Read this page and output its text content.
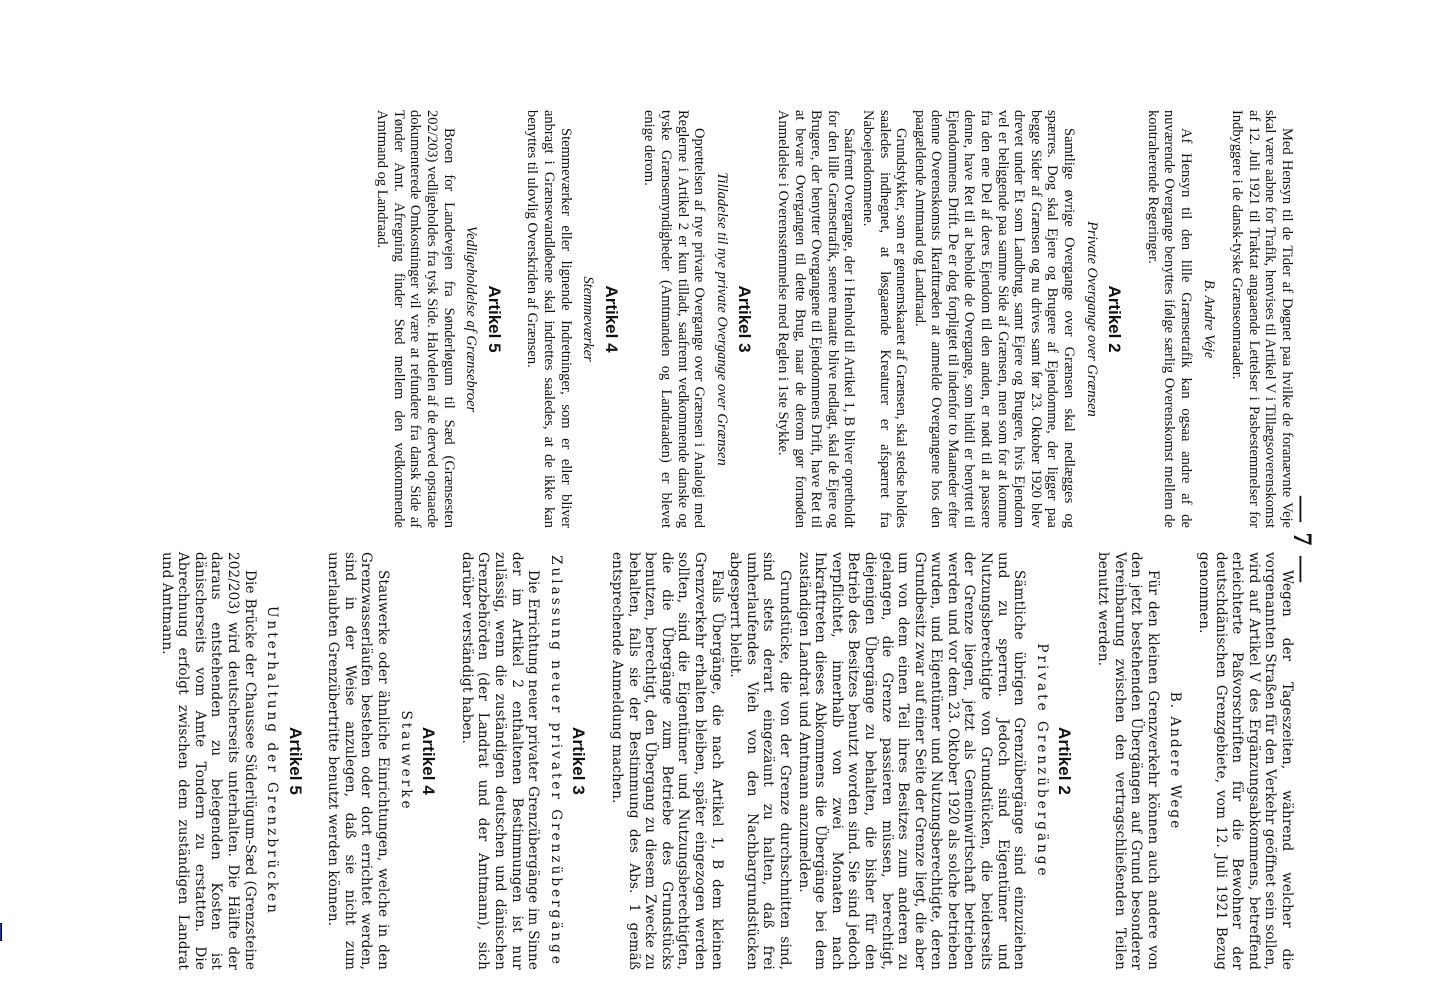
— 7 —

Med Hensyn til de Tider af Døgnet paa hvilke de foranævnte Veje skal være aabne for Trafik, henvises til Artikel V i Tillægsoverenskomst af 12. Juli 1921 til Traktat angaaende Lettelser i Pasbestemmelser for Indbyggere i de dansk-tyske Grænseomraader.

B. Andre Veje

Af Hensyn til den lille Grænsetrafik kan ogsaa andre af de nuværende Overgange benyttes ifølge særlig Overenskomst mellem de kontraherende Regeringer.

Artikel 2
Private Overgange over Grænsen

Samtlige øvrige Overgange over Grænsen skal nedlægges og spærres. Dog skal Ejere og Brugere af Ejendomme, der ligger paa begge Sider af Grænsen og nu drives samt før 23. Oktober 1920 blev drevet under Et som Landbrug, samt Ejere og Brugere, hvis Ejendom vel er beliggende paa samme Side af Grænsen, men som for at komme fra den ene Del af deres Ejendom til den anden, er nødt til at passere denne, have Ret til at beholde de Overgange, som hidtil er benyttet til Ejendommens Drift. De er dog forpligtet til indenfor to Maaneder efter denne Overenskomsts Ikrafttræden at anmelde Overgangene hos den paagældende Amtmand og Landraad.

Grundstykker, som er gennemskaaret af Grænsen, skal stedse holdes saaledes indhegnet, at løsgaaende Kreaturer er afspærret fra Naboejendommene.

Saafremt Overgange, der i Henhold til Artikel 1, B bliver opretholdt for den lille Grænsetrafik, senere maatte blive nedlagt, skal de Ejere og Brugere, der benytter Overgangene til Ejendommens Drift, have Ret til at bevare Overgangen til dette Brug, naar de derom gør fornøden Anmeldelse i Overensstemmelse med Reglen i 1ste Stykke.

Artikel 3
Tilladelse til nye private Overgange over Grænsen

Oprettelsen af nye private Overgange over Grænsen i Analogi med Reglerne i Artikel 2 er kun tilladt, saafremt vedkommende danske og tyske Grænsemyndigheder (Amtmanden og Landraaden) er blevet enige derom.

Artikel 4
Stemmeværker

Stemmeværker eller lignende Indretninger, som er eller bliver anbragt i Grænsevandløbene skal indrettes saaledes, at de ikke kan benyttes til ulovlig Overskriden af Grænsen.

Artikel 5
Vedligeholdelse af Grænsebroer

Broen for Landevejen fra Sønderløgum til Sæd (Grænsesten 202/203) vedligeholdes fra tysk Side. Halvdelen af de derved opstaaede dokumenterede Omkostninger vil være at refundere fra dansk Side af Tønder Amt. Afregning finder Sted mellem den vedkommende Amtmand og Landraad.

Wegen der Tageszeiten, während welcher die vorgenannten Straßen für den Verkehr geöffnet sein sollen, wird auf Artikel V des Ergänzungsabkommens, betreffend erleichterte Paßvorschriften für die Bewohner der deutschdänischen Grenzgebiete, vom 12. Juli 1921 Bezug genommen.

B. Andere Wege

Für den kleinen Grenzverkehr können auch andere von den jetzt bestehenden Übergängen auf Grund besonderer Vereinbarung zwischen den vertragschließenden Teilen benutzt werden.

Artikel 2
Private Grenzübergänge

Sämtliche übrigen Grenzübergänge sind einzuziehen und zu sperren. Jedoch sind Eigentümer und Nutzungsberechtigte von Grundstücken, die beiderseits der Grenze liegen, jetzt als Gemeinwirtschaft betrieben werden und vor dem 23. Oktober 1920 als solche betrieben wurden, und Eigentümer und Nutzungsberechtigte, deren Grundbesitz zwar auf einer Seite der Grenze liegt, die aber um von dem einen Teil ihres Besitzes zum anderen zu gelangen, die Grenze passieren müssen, berechtigt, diejenigen Übergänge zu behalten, die bisher für den Betrieb des Besitzes benutzt worden sind. Sie sind jedoch verpflichtet, innerhalb von zwei Monaten nach Inkrafttreten dieses Abkommens die Übergänge bei dem zuständigen Landrat und Amtmann anzumelden.

Grundstücke, die von der Grenze durchschnitten sind, sind stets derart eingezäunt zu halten, daß frei umherlaufendes Vieh von den Nachbargrundstücken abgesperrt bleibt.

Falls Übergänge, die nach Artikel 1, B dem kleinen Grenzverkehr erhalten bleiben, später eingezogen werden sollten, sind die Eigentümer und Nutzungsberechtigten, die die Übergänge zum Betriebe des Grundstücks benutzen, berechtigt, den Übergang zu diesem Zwecke zu behalten, falls sie der Bestimmung des Abs. 1 gemäß entsprechende Anmeldung machen.

Artikel 3
Zulassung neuer privater Grenzübergänge

Die Errichtung neuer privater Grenzübergänge im Sinne der im Artikel 2 enthaltenen Bestimmungen ist nur zulässig, wenn die zuständigen deutschen und dänischen Grenzbehörden (der Landrat und der Amtmann), sich darüber verständigt haben.

Artikel 4
Stauwerke

Stauwerke oder ähnliche Einrichtungen, welche in den Grenzwasserläufen bestehen oder dort errichtet werden, sind in der Weise anzulegen, daß sie nicht zum unerlaubten Grenzübertritte benutzt werden können.

Artikel 5
Unterhaltung der Grenzbrücken

Die Brücke der Chaussee Süderlügum-Sæd (Grenzsteine 202/203) wird deutscherseits unterhalten. Die Hälfte der daraus entstehenden zu belegenden Kosten ist dänischerseits vom Amte Tondern zu erstatten. Die Abrechnung erfolgt zwischen dem zuständigen Landrat und Amtmann.
